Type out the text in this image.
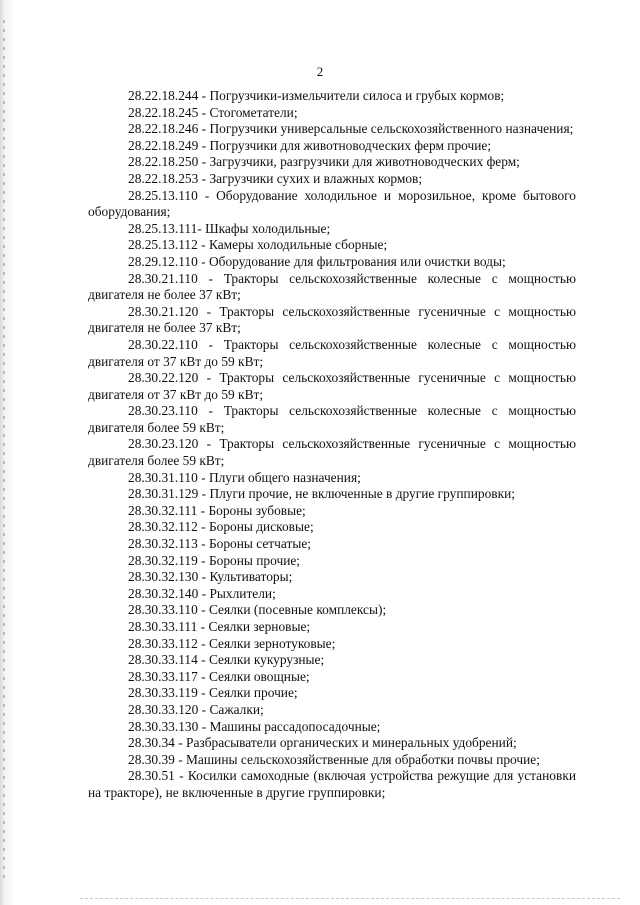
2

28.22.18.244 - Погрузчики-измельчители силоса и грубых кормов;

28.22.18.245 - Стогометатели;

28.22.18.246 - Погрузчики универсальные сельскохозяйственного назначения;

28.22.18.249 - Погрузчики для животноводческих ферм прочие;

28.22.18.250 - Загрузчики, разгрузчики для животноводческих ферм;

28.22.18.253 - Загрузчики сухих и влажных кормов;

28.25.13.110 - Оборудование холодильное и морозильное, кроме бытового оборудования;

28.25.13.111- Шкафы холодильные;

28.25.13.112 - Камеры холодильные сборные;

28.29.12.110 - Оборудование для фильтрования или очистки воды;

28.30.21.110 - Тракторы сельскохозяйственные колесные с мощностью двигателя не более 37 кВт;

28.30.21.120 - Тракторы сельскохозяйственные гусеничные с мощностью двигателя не более 37 кВт;

28.30.22.110 - Тракторы сельскохозяйственные колесные с мощностью двигателя от 37 кВт до 59 кВт;

28.30.22.120 - Тракторы сельскохозяйственные гусеничные с мощностью двигателя от 37 кВт до 59 кВт;

28.30.23.110 - Тракторы сельскохозяйственные колесные с мощностью двигателя более 59 кВт;

28.30.23.120 - Тракторы сельскохозяйственные гусеничные с мощностью двигателя более 59 кВт;

28.30.31.110 - Плуги общего назначения;

28.30.31.129 - Плуги прочие, не включенные в другие группировки;

28.30.32.111 - Бороны зубовые;

28.30.32.112 - Бороны дисковые;

28.30.32.113 - Бороны сетчатые;

28.30.32.119 - Бороны прочие;

28.30.32.130 - Культиваторы;

28.30.32.140 - Рыхлители;

28.30.33.110 - Сеялки (посевные комплексы);

28.30.33.111 - Сеялки зерновые;

28.30.33.112 - Сеялки зернотуковые;

28.30.33.114 - Сеялки кукурузные;

28.30.33.117 - Сеялки овощные;

28.30.33.119 - Сеялки прочие;

28.30.33.120 - Сажалки;

28.30.33.130 - Машины рассадопосадочные;

28.30.34 - Разбрасыватели органических и минеральных удобрений;

28.30.39 - Машины сельскохозяйственные для обработки почвы прочие;

28.30.51 - Косилки самоходные (включая устройства режущие для установки на тракторе), не включенные в другие группировки;
